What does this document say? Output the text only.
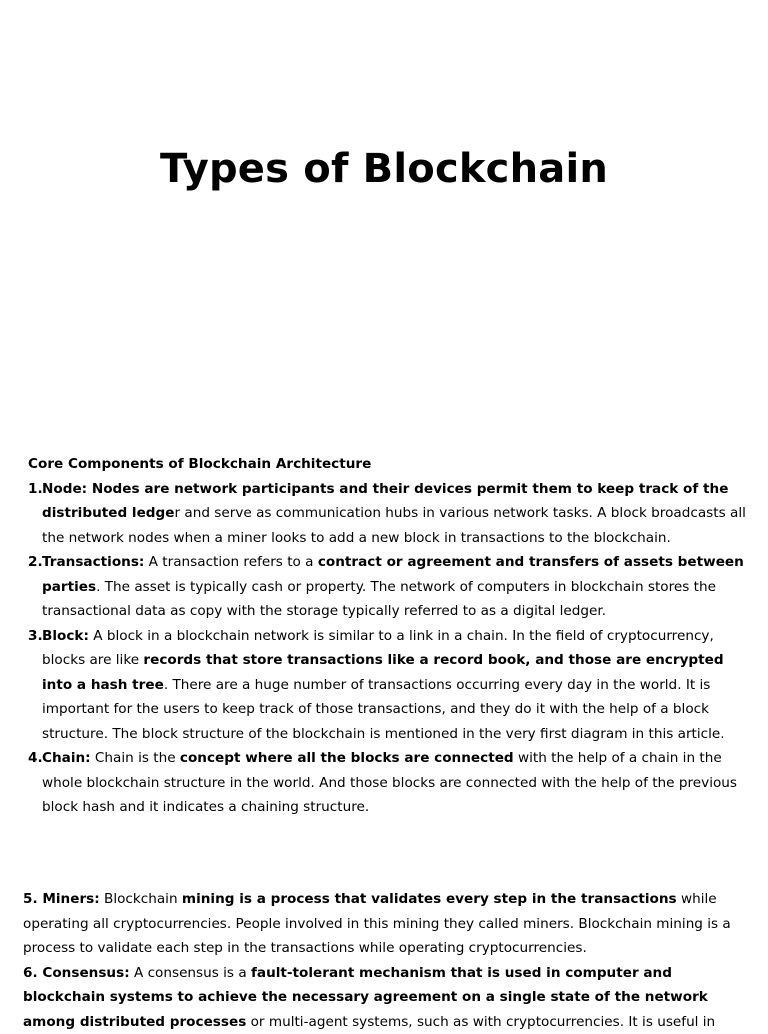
Types of Blockchain
Core Components of Blockchain Architecture
1. Node: Nodes are network participants and their devices permit them to keep track of the distributed ledger and serve as communication hubs in various network tasks. A block broadcasts all the network nodes when a miner looks to add a new block in transactions to the blockchain.
2. Transactions: A transaction refers to a contract or agreement and transfers of assets between parties. The asset is typically cash or property. The network of computers in blockchain stores the transactional data as copy with the storage typically referred to as a digital ledger.
3. Block: A block in a blockchain network is similar to a link in a chain. In the field of cryptocurrency, blocks are like records that store transactions like a record book, and those are encrypted into a hash tree. There are a huge number of transactions occurring every day in the world. It is important for the users to keep track of those transactions, and they do it with the help of a block structure. The block structure of the blockchain is mentioned in the very first diagram in this article.
4. Chain: Chain is the concept where all the blocks are connected with the help of a chain in the whole blockchain structure in the world. And those blocks are connected with the help of the previous block hash and it indicates a chaining structure.

5. Miners: Blockchain mining is a process that validates every step in the transactions while operating all cryptocurrencies. People involved in this mining they called miners. Blockchain mining is a process to validate each step in the transactions while operating cryptocurrencies.

6. Consensus: A consensus is a fault-tolerant mechanism that is used in computer and blockchain systems to achieve the necessary agreement on a single state of the network among distributed processes or multi-agent systems, such as with cryptocurrencies. It is useful in
